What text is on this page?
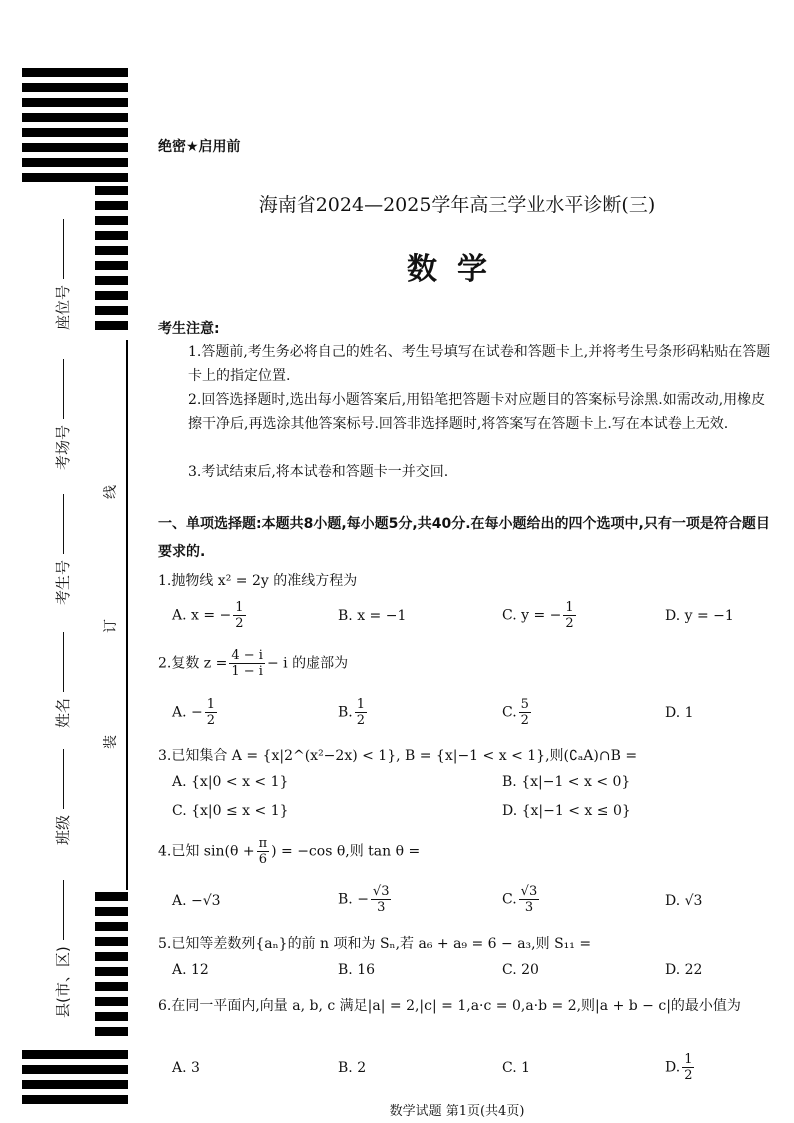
座位号
考场号
考生号
姓名
班级
县(市、区)
线
订
装
绝密★启用前
海南省2024—2025学年高三学业水平诊断(三)
数学
考生注意:
1.答题前,考生务必将自己的姓名、考生号填写在试卷和答题卡上,并将考生号条形码粘贴在答题卡上的指定位置.
2.回答选择题时,选出每小题答案后,用铅笔把答题卡对应题目的答案标号涂黑.如需改动,用橡皮擦干净后,再选涂其他答案标号.回答非选择题时,将答案写在答题卡上.写在本试卷上无效.
3.考试结束后,将本试卷和答题卡一并交回.
一、单项选择题:本题共8小题,每小题5分,共40分.在每小题给出的四个选项中,只有一项是符合题目要求的.
1.抛物线 x² = 2y 的准线方程为
A. x = − $\frac{1}{2}$	B. x = −1	C. y = − $\frac{1}{2}$	D. y = −1
2.复数 $z = \frac{4 - i}{1 - i} - i$ 的虚部为
A. − $\frac{1}{2}$	B. $\frac{1}{2}$	C. $\frac{5}{2}$	D. 1
3.已知集合 A = {x|2^(x²−2x) < 1}, B = {x|−1 < x < 1},则(∁ₐA)∩B =
A. {x|0 < x < 1}	B. {x|−1 < x < 0}
C. {x|0 ≤ x < 1}	D. {x|−1 < x ≤ 0}
4.已知 $\sin(\theta + \frac{\pi}{6}$ ) = −cos θ,则 tan θ =
A. −√3	B. − $\frac{√3}{3}$	C. $\frac{√3}{3}$	D. √3
5.已知等差数列{aₙ}的前 n 项和为 Sₙ,若 a₆ + a₉ = 6 − a₃,则 S₁₁ =
A. 12	B. 16	C. 20	D. 22
6.在同一平面内,向量 a, b, c 满足|a| = 2,|c| = 1,a·c = 0,a·b = 2,则|a + b − c|的最小值为
A. 3	B. 2	C. 1	D. $\frac{1}{2}$
数学试题 第1页(共4页)
